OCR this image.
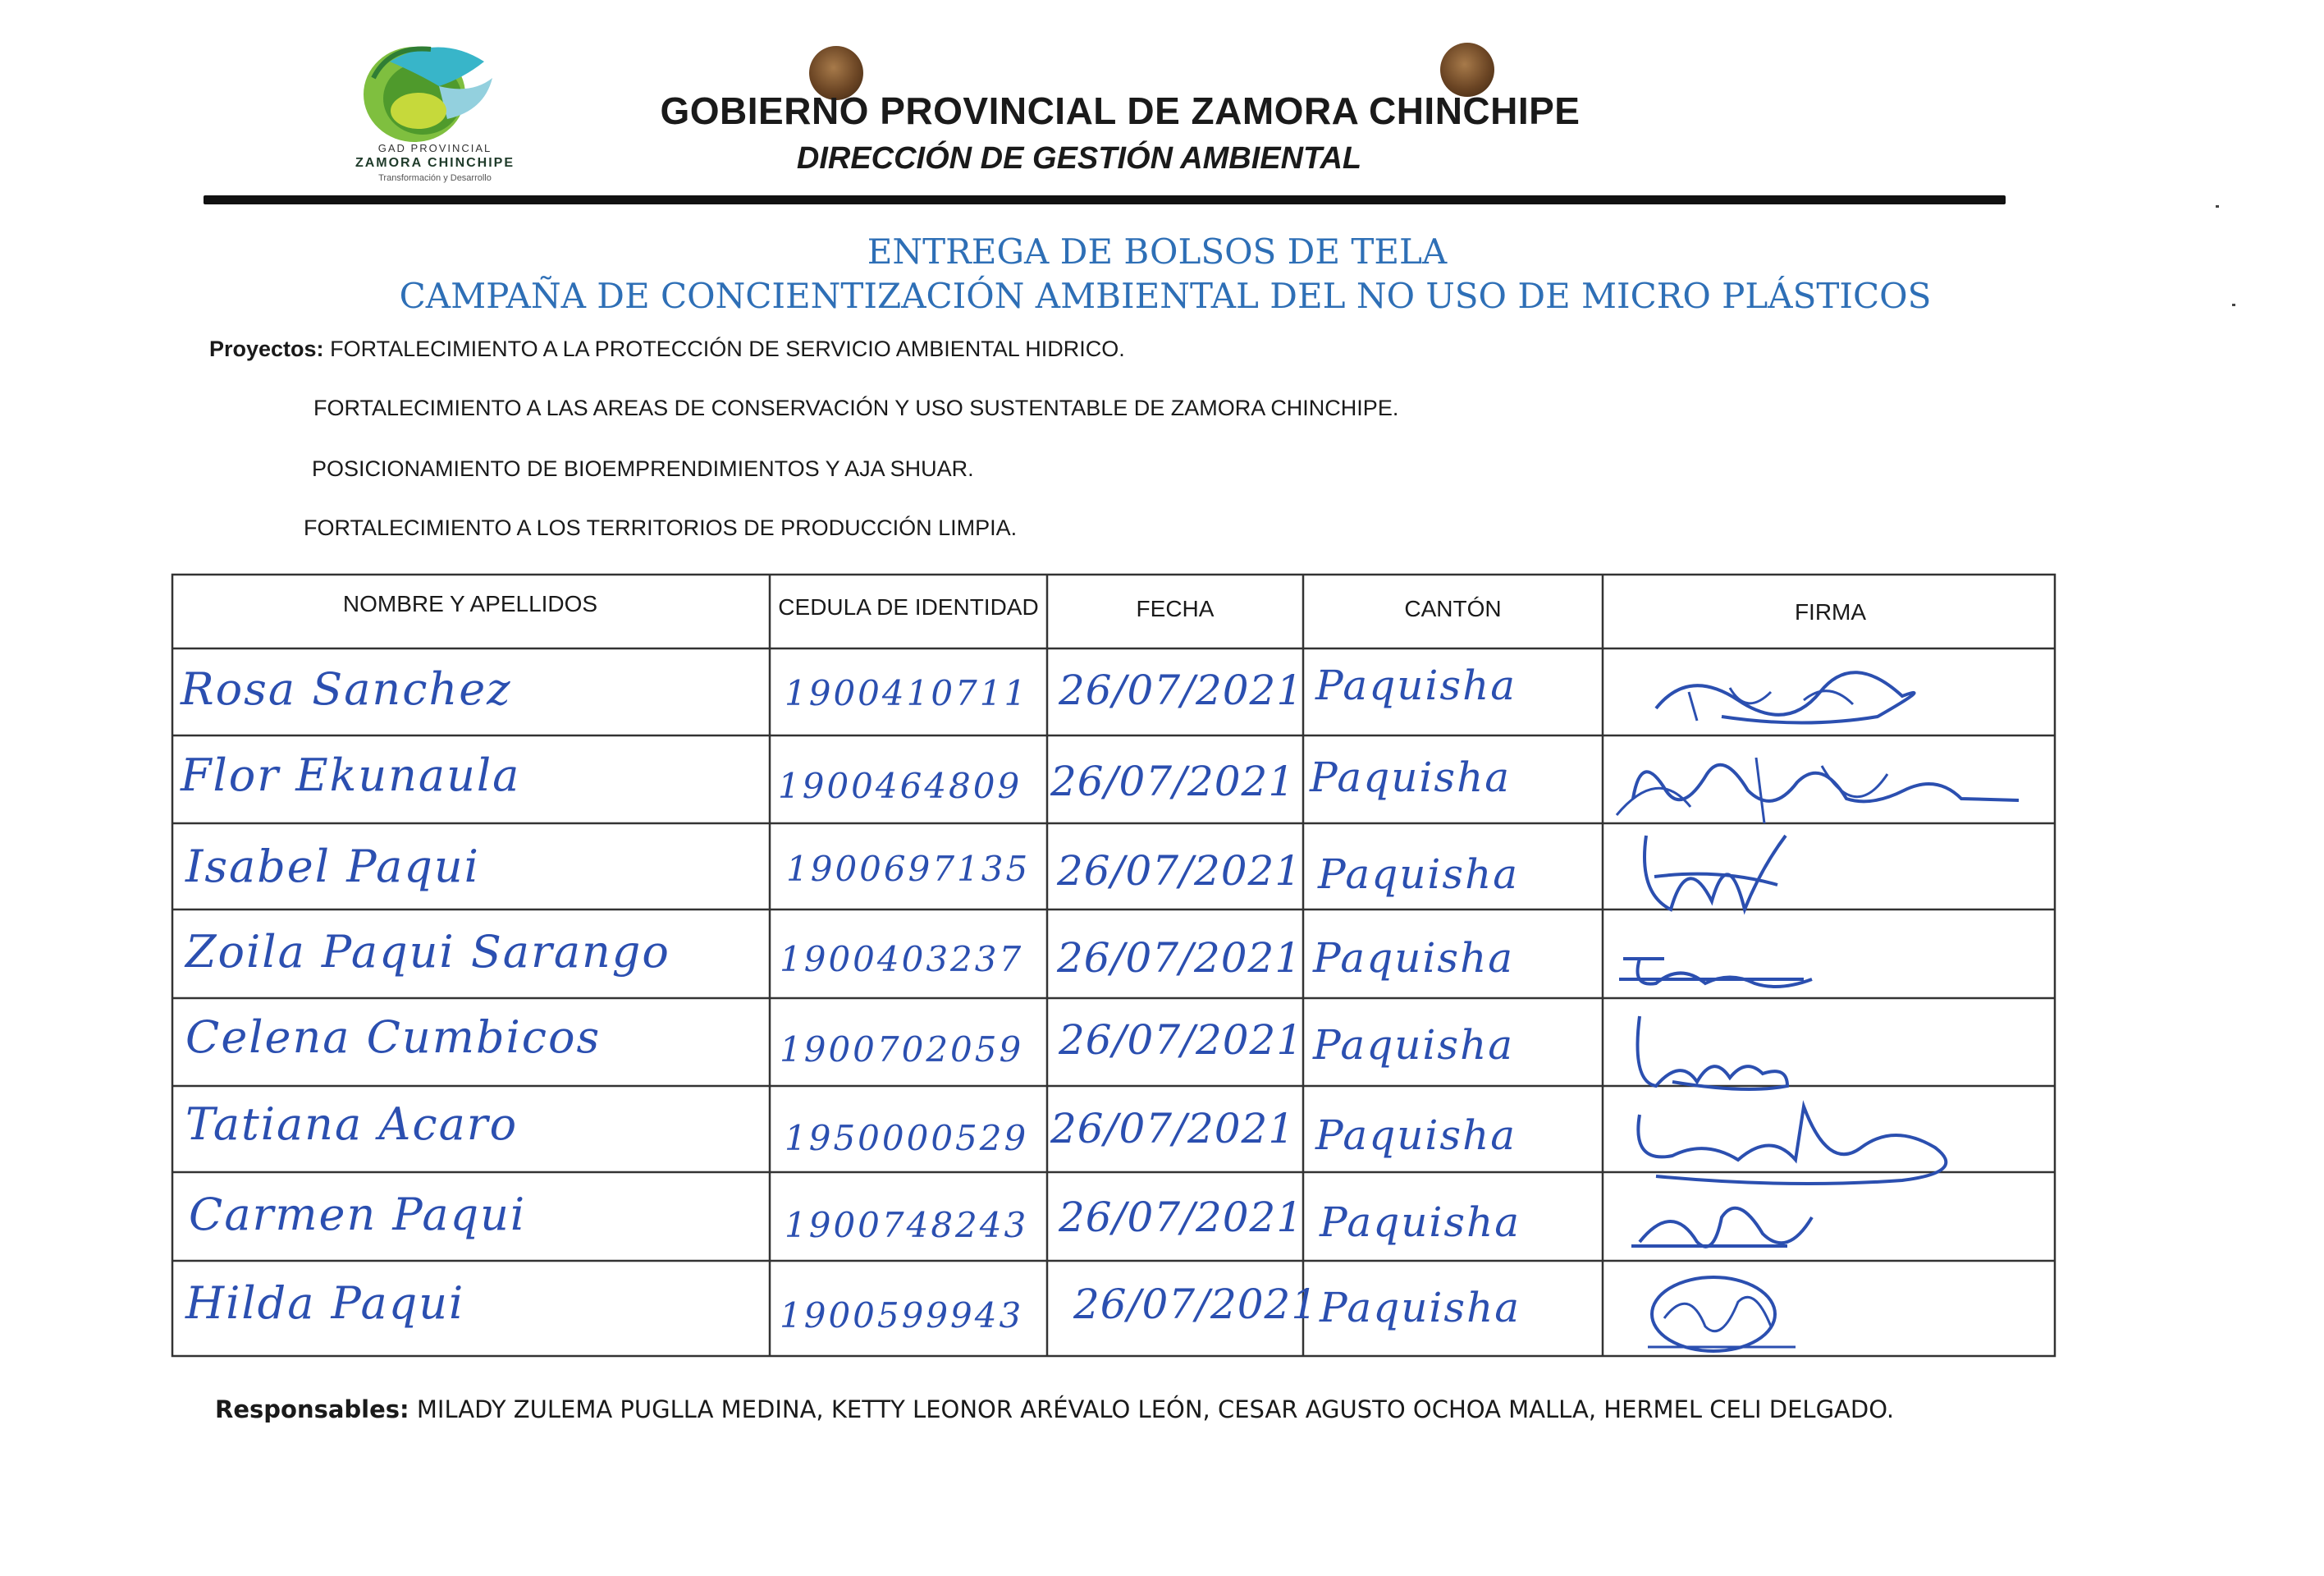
GAD PROVINCIAL
ZAMORA CHINCHIPE
Transformación y Desarrollo
GOBIERNO PROVINCIAL DE ZAMORA CHINCHIPE
DIRECCIÓN DE GESTIÓN AMBIENTAL
ENTREGA DE BOLSOS DE TELA
CAMPAÑA DE CONCIENTIZACIÓN AMBIENTAL DEL NO USO DE MICRO PLÁSTICOS
Proyectos: FORTALECIMIENTO A LA PROTECCIÓN DE SERVICIO AMBIENTAL HIDRICO.
FORTALECIMIENTO A LAS AREAS DE CONSERVACIÓN Y USO SUSTENTABLE DE ZAMORA CHINCHIPE.
POSICIONAMIENTO DE BIOEMPRENDIMIENTOS Y AJA SHUAR.
FORTALECIMIENTO A LOS TERRITORIOS DE PRODUCCIÓN LIMPIA.
NOMBRE Y APELLIDOS	CEDULA DE IDENTIDAD	FECHA	CANTÓN	FIRMA
Rosa Sanchez	1900410711 26/07/2021 Paquisha
Flor Ekunaula	1900464809 26/07/2021 Paquisha
Isabel Paqui	1900697135 26/07/2021 Paquisha
Zoila Paqui Sarango	1900403237 26/07/2021 Paquisha
Celena Cumbicos	1900702059 26/07/2021 Paquisha
Tatiana Acaro	1950000529 26/07/2021 Paquisha
Carmen Paqui	1900748243 26/07/2021 Paquisha
Hilda Paqui	1900599943 26/07/2021 Paquisha
Responsables: MILADY ZULEMA PUGLLA MEDINA, KETTY LEONOR ARÉVALO LEÓN, CESAR AGUSTO OCHOA MALLA, HERMEL CELI DELGADO.
